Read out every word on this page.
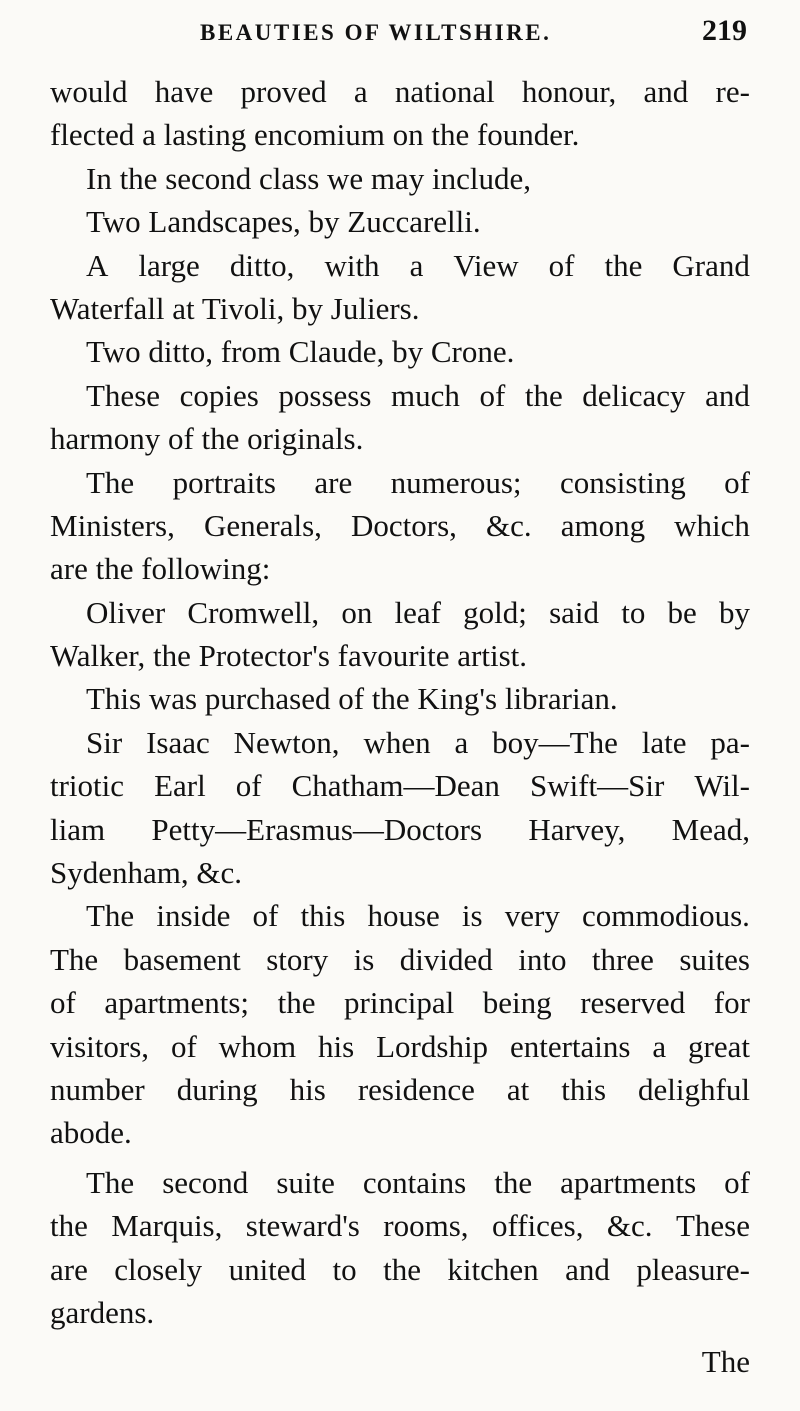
BEAUTIES OF WILTSHIRE.	219
would have proved a national honour, and re-
flected a lasting encomium on the founder.
In the second class we may include,
Two Landscapes, by Zuccarelli.
A large ditto, with a View of the Grand
Waterfall at Tivoli, by Juliers.
Two ditto, from Claude, by Crone.
These copies possess much of the delicacy and
harmony of the originals.
The portraits are numerous; consisting of
Ministers, Generals, Doctors, &c. among which
are the following:
Oliver Cromwell, on leaf gold; said to be by
Walker, the Protector's favourite artist.
This was purchased of the King's librarian.
Sir Isaac Newton, when a boy—The late pa-
triotic Earl of Chatham—Dean Swift—Sir Wil-
liam Petty—Erasmus—Doctors Harvey, Mead,
Sydenham, &c.
The inside of this house is very commodious.
The basement story is divided into three suites
of apartments; the principal being reserved for
visitors, of whom his Lordship entertains a great
number during his residence at this delighful
abode.
The second suite contains the apartments of
the Marquis, steward's rooms, offices, &c. These
are closely united to the kitchen and pleasure-
gardens.
The
